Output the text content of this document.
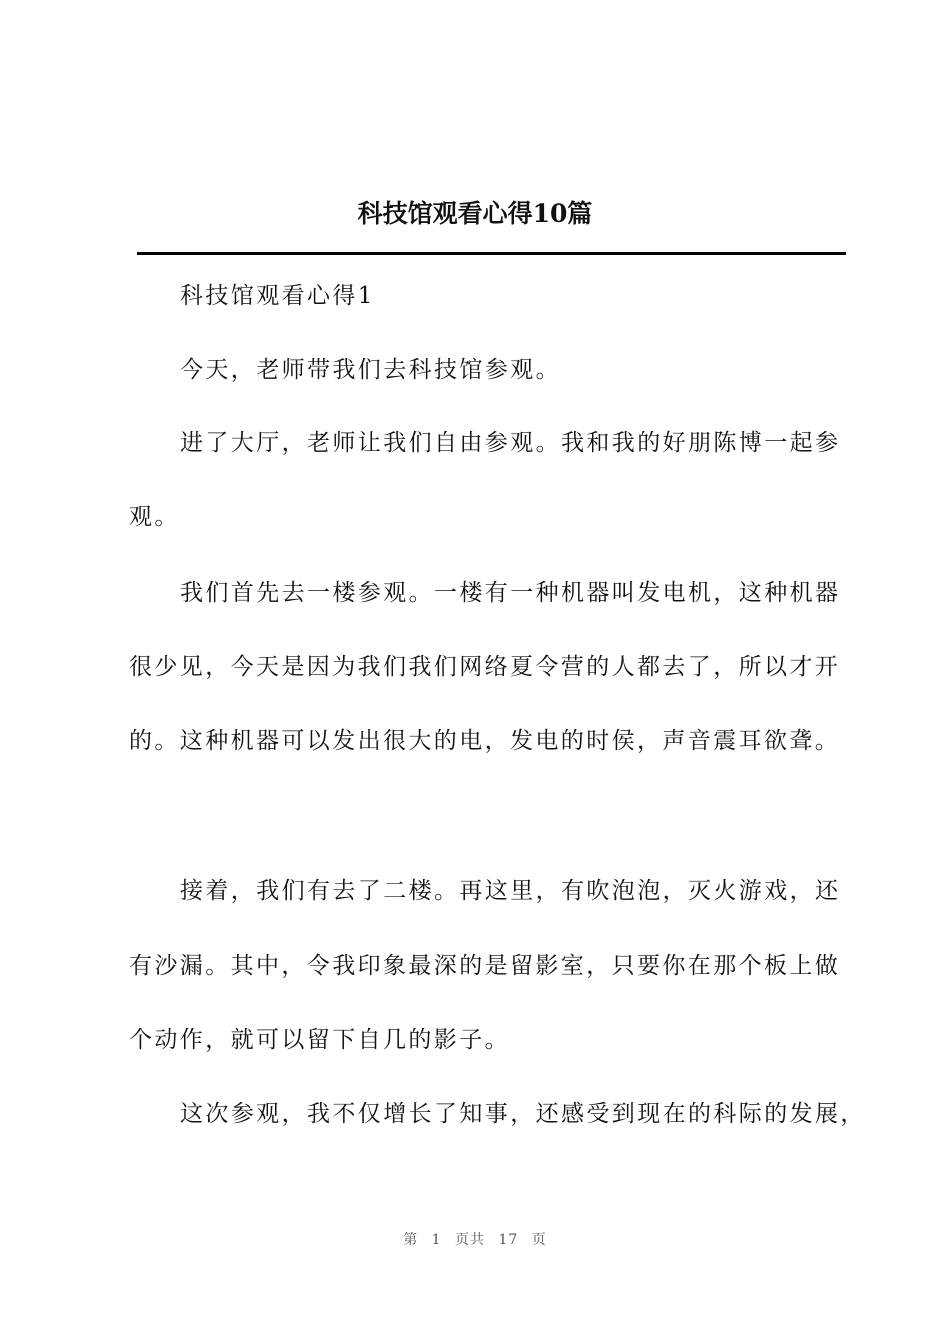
科技馆观看心得10篇
科技馆观看心得1
今天，老师带我们去科技馆参观。
进了大厅，老师让我们自由参观。我和我的好朋陈博一起参
观。
我们首先去一楼参观。一楼有一种机器叫发电机，这种机器
很少见，今天是因为我们我们网络夏令营的人都去了，所以才开
的。这种机器可以发出很大的电，发电的时侯，声音震耳欲聋。
接着，我们有去了二楼。再这里，有吹泡泡，灭火游戏，还
有沙漏。其中，令我印象最深的是留影室，只要你在那个板上做
个动作，就可以留下自几的影子。
这次参观，我不仅增长了知事，还感受到现在的科际的发展，
第 1 页共 17 页
